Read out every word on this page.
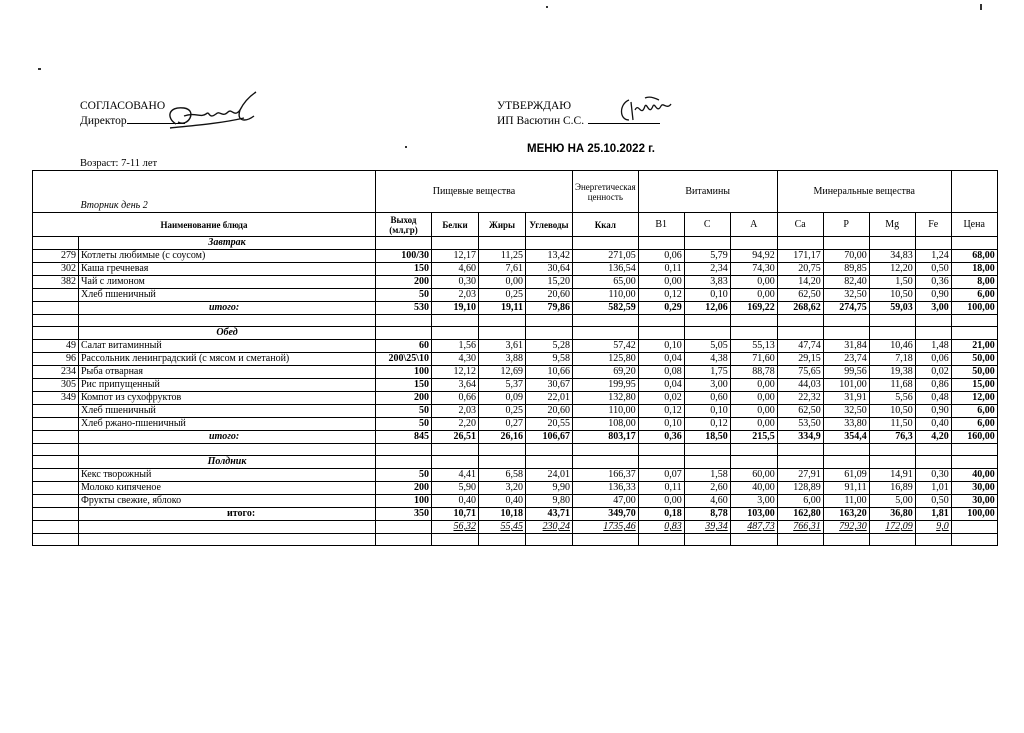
СОГЛАСОВАНО
Директор
УТВЕРЖДАЮ
ИП Васютин С.С.
МЕНЮ НА 25.10.2022 г.
Возраст: 7-11 лет
	Вторник день 2	Пищевые вещества				Энергетическая ценность	Витамины			Минеральные вещества				
Наименование блюда		Выход (мл,гр)	Белки	Жиры	Углеводы	Ккал	B1	C	A	Ca	P	Mg	Fe	Цена
	Завтрак													
279	Котлеты любимые (с соусом)	100/30	12,17	11,25	13,42	271,05	0,06	5,79	94,92	171,17	70,00	34,83	1,24	68,00
302	Каша гречневая	150	4,60	7,61	30,64	136,54	0,11	2,34	74,30	20,75	89,85	12,20	0,50	18,00
382	Чай с лимоном	200	0,30	0,00	15,20	65,00	0,00	3,83	0,00	14,20	82,40	1,50	0,36	8,00
	Хлеб пшеничный	50	2,03	0,25	20,60	110,00	0,12	0,10	0,00	62,50	32,50	10,50	0,90	6,00
	итого:	530	19,10	19,11	79,86	582,59	0,29	12,06	169,22	268,62	274,75	59,03	3,00	100,00

	Обед													
49	Салат витаминный	60	1,56	3,61	5,28	57,42	0,10	5,05	55,13	47,74	31,84	10,46	1,48	21,00
96	Рассольник ленинградский (с мясом и сметаной)	200\25\10	4,30	3,88	9,58	125,80	0,04	4,38	71,60	29,15	23,74	7,18	0,06	50,00
234	Рыба отварная	100	12,12	12,69	10,66	69,20	0,08	1,75	88,78	75,65	99,56	19,38	0,02	50,00
305	Рис припущенный	150	3,64	5,37	30,67	199,95	0,04	3,00	0,00	44,03	101,00	11,68	0,86	15,00
349	Компот из сухофруктов	200	0,66	0,09	22,01	132,80	0,02	0,60	0,00	22,32	31,91	5,56	0,48	12,00
	Хлеб пшеничный	50	2,03	0,25	20,60	110,00	0,12	0,10	0,00	62,50	32,50	10,50	0,90	6,00
	Хлеб ржано-пшеничный	50	2,20	0,27	20,55	108,00	0,10	0,12	0,00	53,50	33,80	11,50	0,40	6,00
	итого:	845	26,51	26,16	106,67	803,17	0,36	18,50	215,5	334,9	354,4	76,3	4,20	160,00

	Полдник													
	Кекс творожный	50	4,41	6,58	24,01	166,37	0,07	1,58	60,00	27,91	61,09	14,91	0,30	40,00
	Молоко кипяченое	200	5,90	3,20	9,90	136,33	0,11	2,60	40,00	128,89	91,11	16,89	1,01	30,00
	Фрукты свежие, яблоко	100	0,40	0,40	9,80	47,00	0,00	4,60	3,00	6,00	11,00	5,00	0,50	30,00
	итого:	350	10,71	10,18	43,71	349,70	0,18	8,78	103,00	162,80	163,20	36,80	1,81	100,00
			56,32	55,45	230,24	1735,46	0,83	39,34	487,73	766,31	792,30	172,09	9,0	
